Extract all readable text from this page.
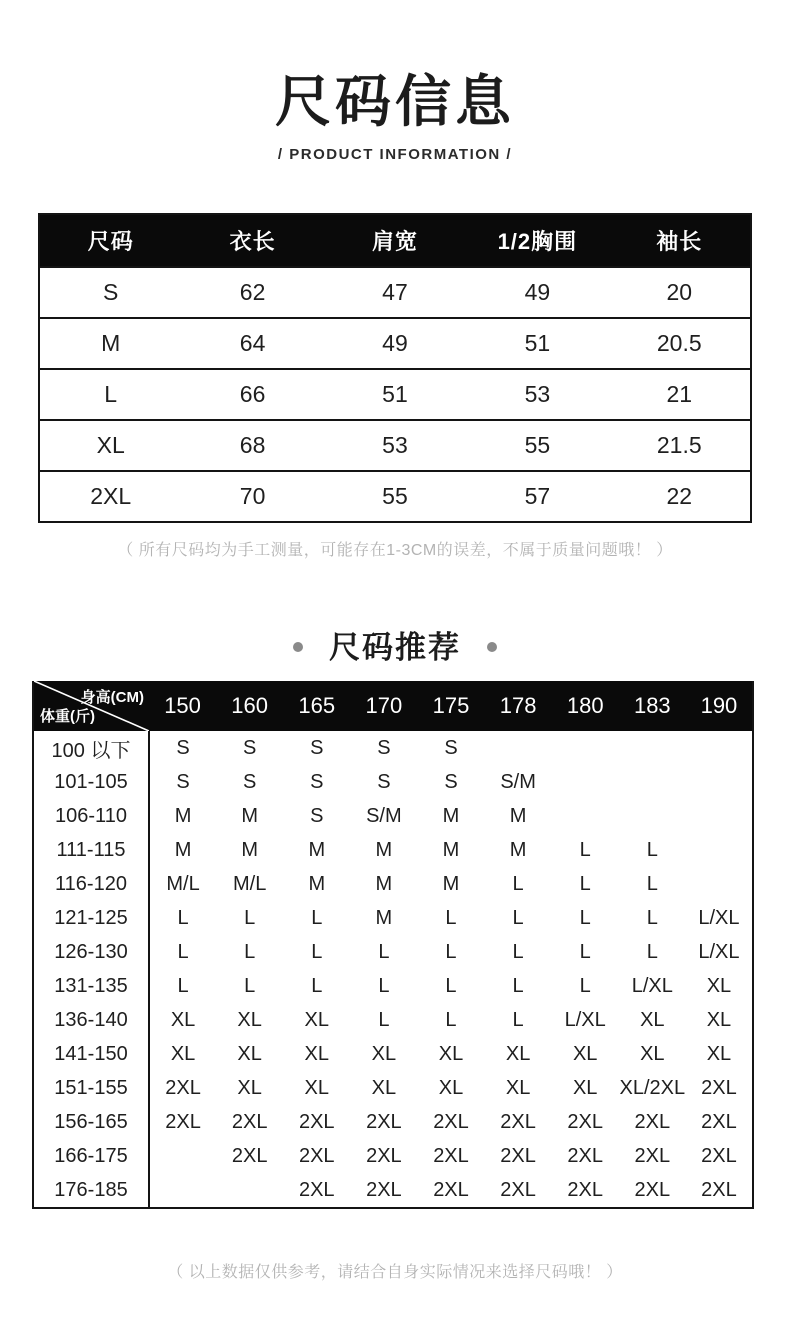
尺码信息
/ PRODUCT INFORMATION /
尺码	衣长	肩宽	1/2胸围	袖长
S	62	47	49	20
M	64	49	51	20.5
L	66	51	53	21
XL	68	53	55	21.5
2XL	70	55	57	22

（ 所有尺码均为手工测量，可能存在1-3CM的误差，不属于质量问题哦！ ）

尺码推荐
身高(CM)
体重(斤)	150	160	165	170	175	178	180	183	190
100 以下	S	S	S	S	S				
101-105	S	S	S	S	S	S/M			
106-110	M	M	S	S/M	M	M			
111-115	M	M	M	M	M	M	L	L	
116-120	M/L	M/L	M	M	M	L	L	L	
121-125	L	L	L	M	L	L	L	L	L/XL
126-130	L	L	L	L	L	L	L	L	L/XL
131-135	L	L	L	L	L	L	L	L/XL	XL
136-140	XL	XL	XL	L	L	L	L/XL	XL	XL
141-150	XL	XL	XL	XL	XL	XL	XL	XL	XL
151-155	2XL	XL	XL	XL	XL	XL	XL	XL/2XL	2XL
156-165	2XL	2XL	2XL	2XL	2XL	2XL	2XL	2XL	2XL
166-175		2XL	2XL	2XL	2XL	2XL	2XL	2XL	2XL
176-185			2XL	2XL	2XL	2XL	2XL	2XL	2XL

（ 以上数据仅供参考，请结合自身实际情况来选择尺码哦！ ）
